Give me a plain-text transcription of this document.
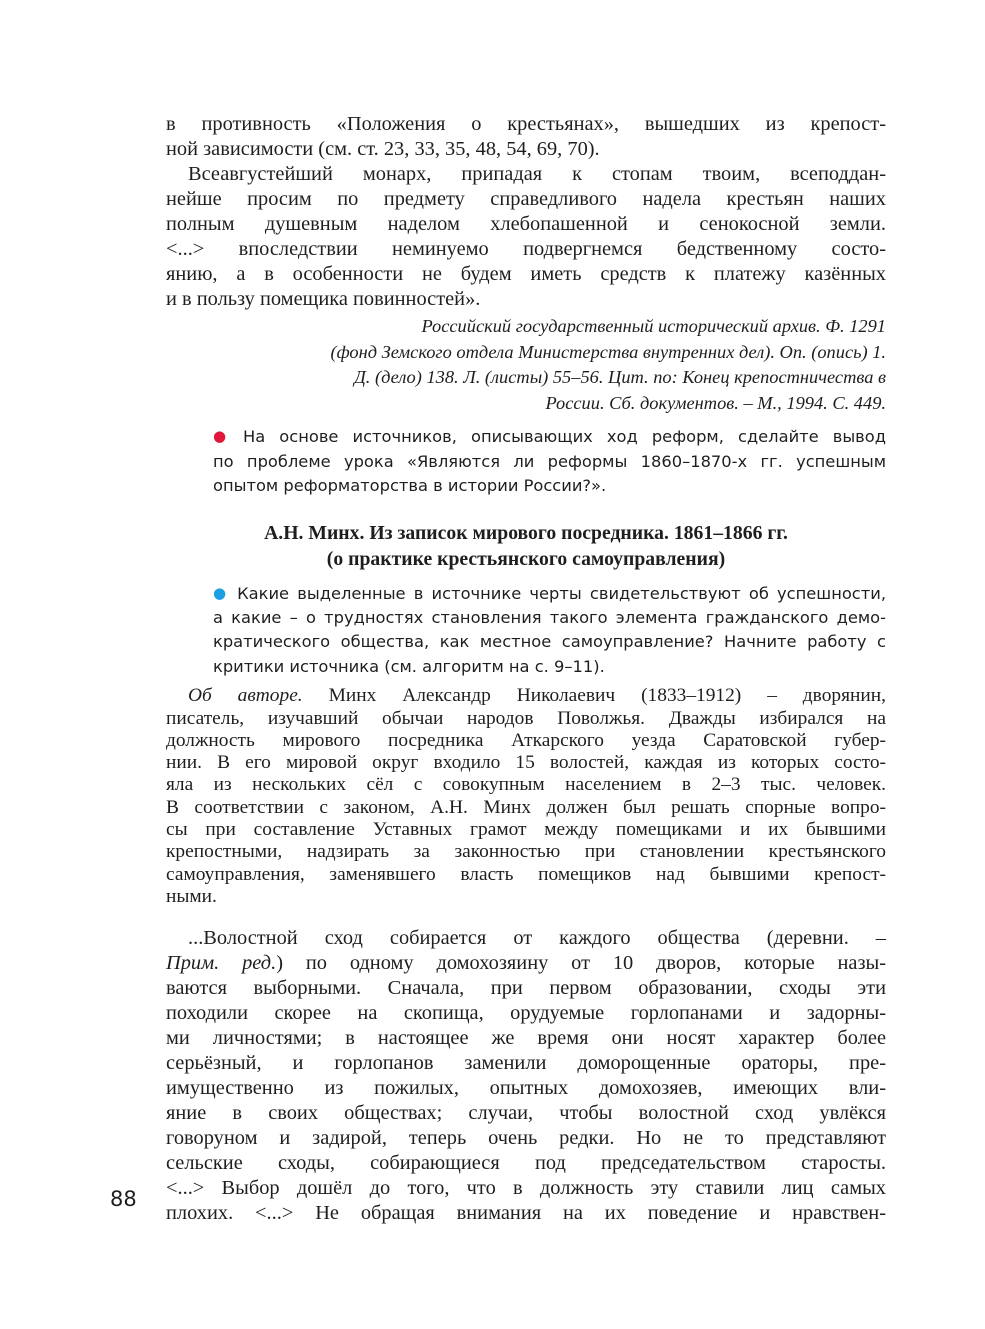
в противность «Положения о крестьянах», вышедших из крепост-

ной зависимости (см. ст. 23, 33, 35, 48, 54, 69, 70).

Всеавгустейший монарх, припадая к стопам твоим, всеподдан-

нейше просим по предмету справедливого надела крестьян наших

полным душевным наделом хлебопашенной и сенокосной земли.

<...> впоследствии неминуемо подвергнемся бедственному состо-

янию, а в особенности не будем иметь средств к платежу казённых

и в пользу помещика повинностей».

Российский государственный исторический архив. Ф. 1291

(фонд Земского отдела Министерства внутренних дел). Оп. (опись) 1.

Д. (дело) 138. Л. (листы) 55–56. Цит. по: Конец крепостничества в

России. Сб. документов. – М., 1994. С. 449.

● На основе источников, описывающих ход реформ, сделайте вывод

по проблеме урока «Являются ли реформы 1860–1870-х гг. успешным

опытом реформаторства в истории России?».

А.Н. Минх. Из записок мирового посредника. 1861–1866 гг.

(о практике крестьянского самоуправления)

● Какие выделенные в источнике черты свидетельствуют об успешности,

а какие – о трудностях становления такого элемента гражданского демо-

кратического общества, как местное самоуправление? Начните работу с

критики источника (см. алгоритм на с. 9–11).

Об авторе. Минх Александр Николаевич (1833–1912) – дворянин,

писатель, изучавший обычаи народов Поволжья. Дважды избирался на

должность мирового посредника Аткарского уезда Саратовской губер-

нии. В его мировой округ входило 15 волостей, каждая из которых состо-

яла из нескольких сёл с совокупным населением в 2–3 тыс. человек.

В соответствии с законом, А.Н. Минх должен был решать спорные вопро-

сы при составление Уставных грамот между помещиками и их бывшими

крепостными, надзирать за законностью при становлении крестьянского

самоуправления, заменявшего власть помещиков над бывшими крепост-

ными.

...Волостной сход собирается от каждого общества (деревни. –

Прим. ред.) по одному домохозяину от 10 дворов, которые назы-

ваются выборными. Сначала, при первом образовании, сходы эти

походили скорее на скопища, орудуемые горлопанами и задорны-

ми личностями; в настоящее же время они носят характер более

серьёзный, и горлопанов заменили доморощенные ораторы, пре-

имущественно из пожилых, опытных домохозяев, имеющих вли-

яние в своих обществах; случаи, чтобы волостной сход увлёкся

говоруном и задирой, теперь очень редки. Но не то представляют

сельские сходы, собирающиеся под председательством старосты.

<...> Выбор дошёл до того, что в должность эту ставили лиц самых

плохих. <...> Не обращая внимания на их поведение и нравствен-

88
